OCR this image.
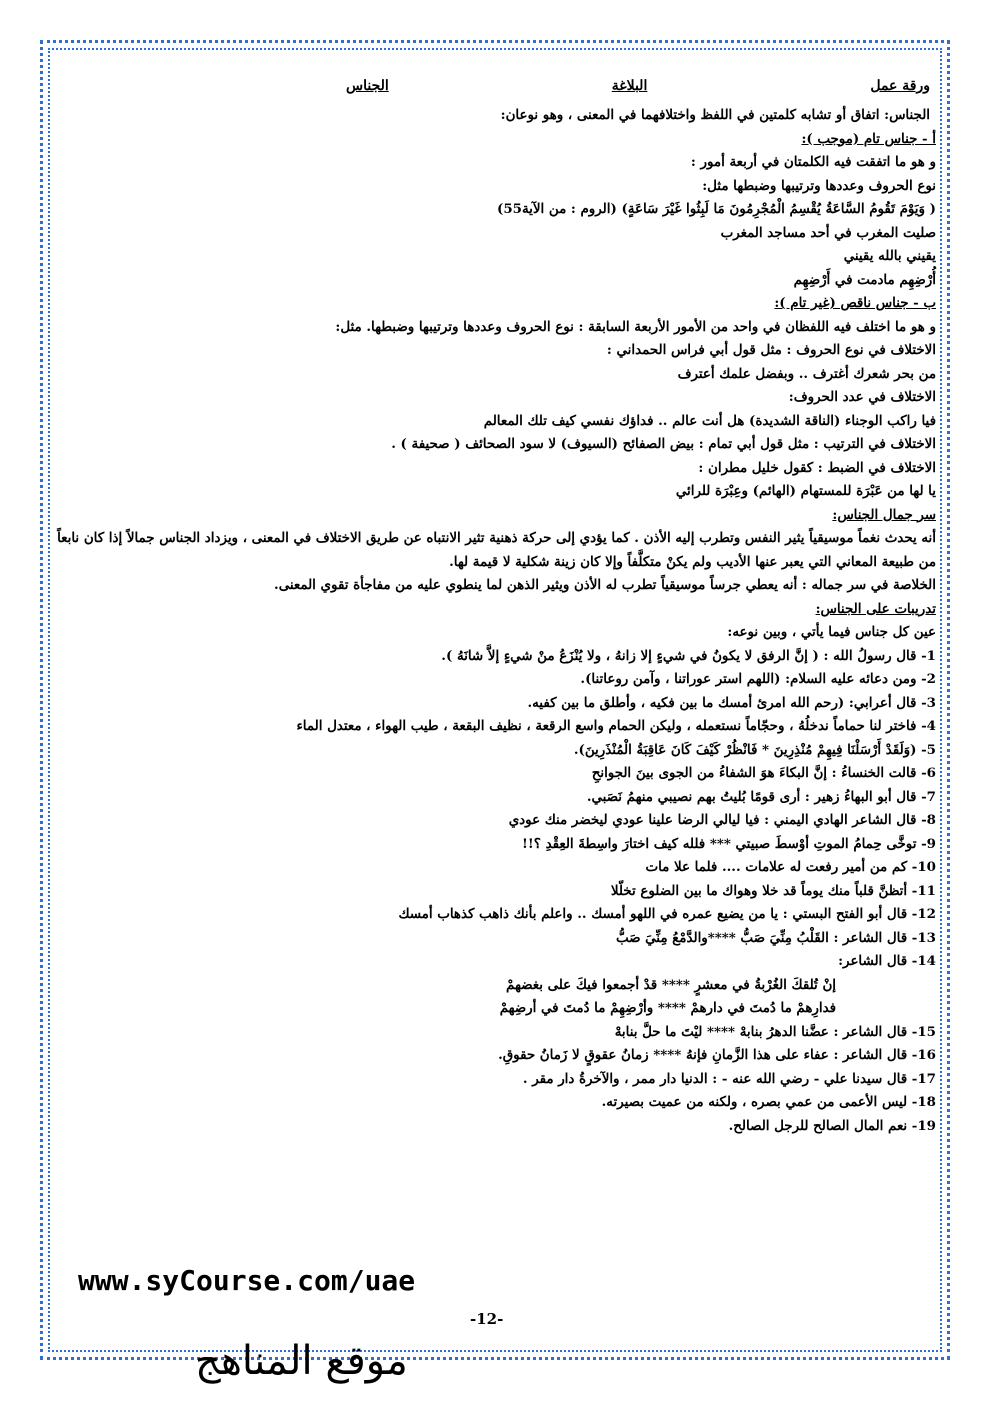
ورقة عمل
البلاغة
الجناس
الجناس: اتفاق أو تشابه كلمتين في اللفظ واختلافهما في المعنى ، وهو نوعان:
أ - جناس تام (موجب ):
و هو ما اتفقت فيه الكلمتان في أربعة أمور :
نوع الحروف وعددها وترتيبها وضبطها مثل:
( وَيَوْمَ تَقُومُ السَّاعَةُ يُقْسِمُ الْمُجْرِمُونَ مَا لَبِثُوا غَيْرَ سَاعَةٍ) (الروم : من الآية55)
صليت المغرب في أحد مساجد المغرب
يقيني بالله يقيني
أُرْضِهِم مادمت في أَرْضِهِم
ب - جناس ناقص (غير تام ):
و هو ما اختلف فيه اللفظان في واحد من الأمور الأربعة السابقة : نوع الحروف وعددها وترتيبها وضبطها. مثل:
الاختلاف في نوع الحروف : مثل قول أبي فراس الحمداني :
من بحر شعرك أغترف .. وبفضل علمك أعترف
الاختلاف في عدد الحروف:
فيا راكب الوجناء (الناقة الشديدة) هل أنت عالم .. فداؤك نفسي كيف تلك المعالم
الاختلاف في الترتيب : مثل قول أبي تمام : بيض الصفائح (السيوف) لا سود الصحائف ( صحيفة ) .
الاختلاف في الضبط : كقول خليل مطران :
يا لها من عَبْرَة للمستهام (الهائم) وعِبْرَة للرائي
سر جمال الجناس:
أنه يحدث نغماً موسيقياً يثير النفس وتطرب إليه الأذن . كما يؤدي إلى حركة ذهنية تثير الانتباه عن طريق الاختلاف في المعنى ، ويزداد الجناس جمالاً إذا كان نابعاً من طبيعة المعاني التي يعبر عنها الأديب ولم يكنْ متكلَّفاً وإلا كان زينة شكلية لا قيمة لها.
الخلاصة في سر جماله : أنه يعطي جرساً موسيقياً تطرب له الأذن ويثير الذهن لما ينطوي عليه من مفاجأة تقوي المعنى.
تدريبات على الجناس:
عين كل جناس فيما يأتي ، وبين نوعه:
1- قال رسولُ الله : ( إنَّ الرفق لا يكونُ في شيءٍ إلا زانهُ ، ولا يُنْزَعُ منْ شيءٍ إلاَّ شانَهُ ).
2- ومن دعائه عليه السلام: (اللهم استر عوراتنا ، وآمن روعاتنا).
3- قال أعرابي: (رحم الله امرئ أمسك ما بين فكيه ، وأطلق ما بين كفيه.
4- فاختر لنا حماماً ندخلُهُ ، وحجّاماً نستعمله ، وليكن الحمام واسع الرقعة ، نظيف البقعة ، طيب الهواء ، معتدل الماء
5- (وَلَقَدْ أَرْسَلْنَا فِيهِمْ مُنْذِرِينَ * فَانْظُرْ كَيْفَ كَانَ عَاقِبَةُ الْمُنْذَرِينَ).
6- قالت الخنساءُ : إنَّ البكاءَ هوَ الشفاءُ من الجوى بينَ الجوانحِ
7- قال أبو البهاءُ زهير : أرى قومًا بُليتُ بهم نصيبي منهمُ نَصَبي.
8- قال الشاعر الهادي اليمني : فيا ليالي الرضا علينا عودي ليخضر منك عودي
9- توخَّى حِمامُ الموتِ أوْسطَ صبيتي *** فلله كيف اختارَ واسِطةَ العِقْدِ ؟!!
10- كم من أمير رفعت له علامات .... فلما علا مات
11- أتظنَّ قلباً منك يوماً قد خلا وهواك ما بين الضلوع تخلّلا
12- قال أبو الفتح البستي : يا من يضيع عمره في اللهو أمسك .. واعلم بأنك ذاهب كذهاب أمسك
13- قال الشاعر : القَلْبُ مِنِّيَ صَبُّ ****والدَّمْعُ مِنِّيَ صَبُّ
14- قال الشاعر:
إنْ تُلقكَ الغُرْبةُ في معشرٍ **** قدْ أجمعوا فيكَ على بغضهمْ
فدارِهمْ ما دُمتَ في دارهمْ **** وأرْضِهِمْ ما دُمتَ في أرضِهمْ
15- قال الشاعر : عضَّنا الدهرُ بنابهْ **** ليْتَ ما حلَّ بنابهْ
16- قال الشاعر : عفاء على هذا الزَّمانِ فإنهُ **** زمانُ عقوقٍ لا زَمانُ حقوقِ.
17- قال سيدنا علي - رضي الله عنه - : الدنيا دار ممر ، والآخرةُ دار مقر .
18- ليس الأعمى من عمي بصره ، ولكنه من عميت بصيرته.
19- نعم المال الصالح للرجل الصالح.
www.syCourse.com/uae
-12-
موقع المناهج
